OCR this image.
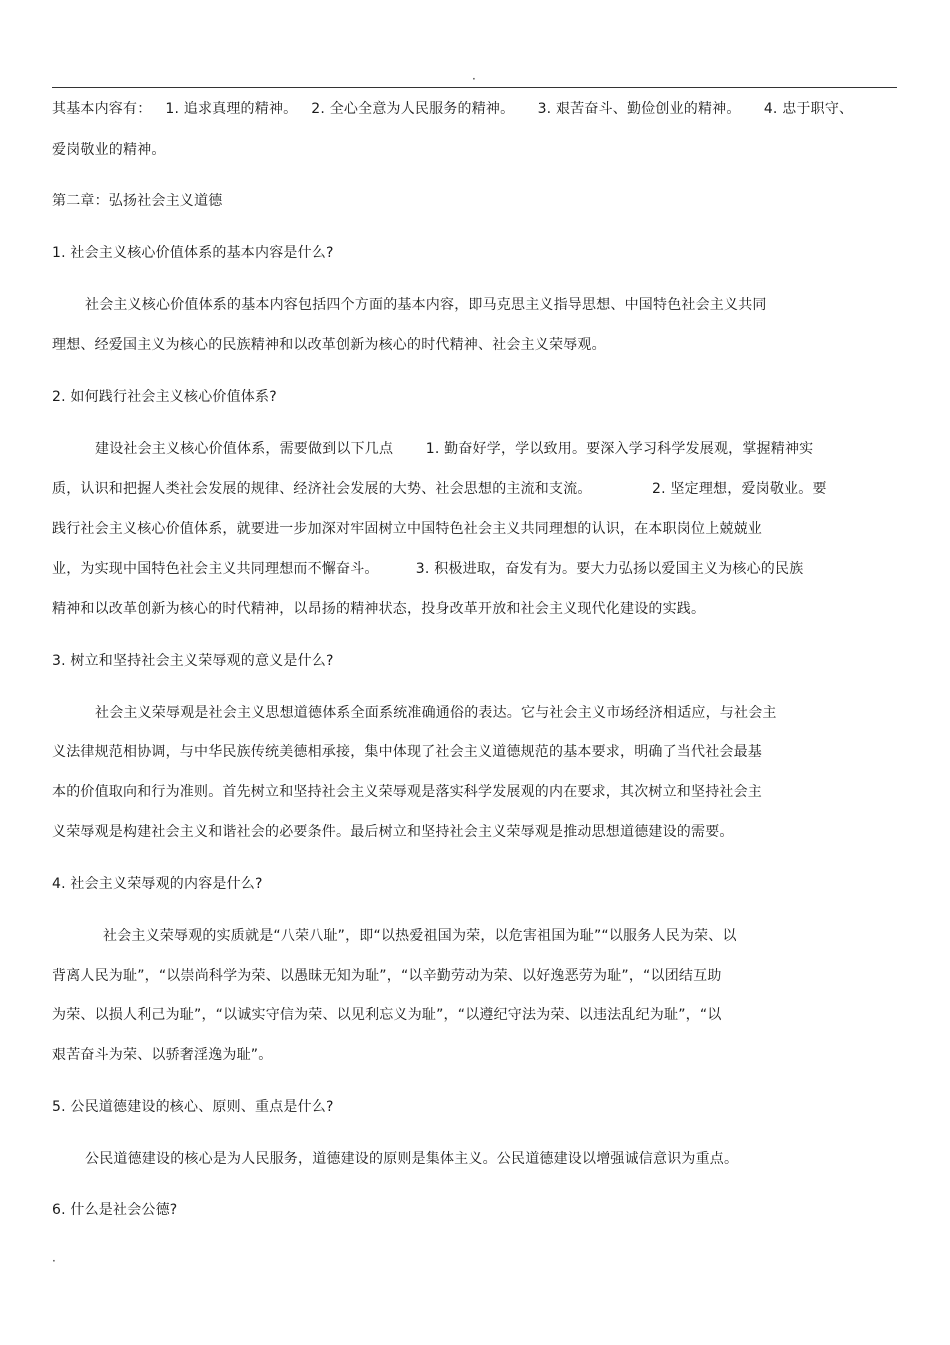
·
其基本内容有：   1. 追求真理的精神。   2. 全心全意为人民服务的精神。     3. 艰苦奋斗、勤俭创业的精神。     4. 忠于职守、
爱岗敬业的精神。
第二章：弘扬社会主义道德
1. 社会主义核心价值体系的基本内容是什么?
社会主义核心价值体系的基本内容包括四个方面的基本内容，即马克思主义指导思想、中国特色社会主义共同
理想、经爱国主义为核心的民族精神和以改革创新为核心的时代精神、社会主义荣辱观。
2. 如何践行社会主义核心价值体系?
建设社会主义核心价值体系，需要做到以下几点       1. 勤奋好学，学以致用。要深入学习科学发展观，掌握精神实
质，认识和把握人类社会发展的规律、经济社会发展的大势、社会思想的主流和支流。             2. 坚定理想，爱岗敬业。要
践行社会主义核心价值体系，就要进一步加深对牢固树立中国特色社会主义共同理想的认识，在本职岗位上兢兢业
业，为实现中国特色社会主义共同理想而不懈奋斗。        3. 积极进取，奋发有为。要大力弘扬以爱国主义为核心的民族
精神和以改革创新为核心的时代精神，以昂扬的精神状态，投身改革开放和社会主义现代化建设的实践。
3. 树立和坚持社会主义荣辱观的意义是什么?
社会主义荣辱观是社会主义思想道德体系全面系统准确通俗的表达。它与社会主义市场经济相适应，与社会主
义法律规范相协调，与中华民族传统美德相承接，集中体现了社会主义道德规范的基本要求，明确了当代社会最基
本的价值取向和行为准则。首先树立和坚持社会主义荣辱观是落实科学发展观的内在要求，其次树立和坚持社会主
义荣辱观是构建社会主义和谐社会的必要条件。最后树立和坚持社会主义荣辱观是推动思想道德建设的需要。
4. 社会主义荣辱观的内容是什么?
社会主义荣辱观的实质就是“八荣八耻”，即“以热爱祖国为荣，以危害祖国为耻”“以服务人民为荣、以
背离人民为耻”，“以崇尚科学为荣、以愚昧无知为耻”，“以辛勤劳动为荣、以好逸恶劳为耻”，“以团结互助
为荣、以损人利己为耻”，“以诚实守信为荣、以见利忘义为耻”，“以遵纪守法为荣、以违法乱纪为耻”，“以
艰苦奋斗为荣、以骄奢淫逸为耻”。
5. 公民道德建设的核心、原则、重点是什么?
公民道德建设的核心是为人民服务，道德建设的原则是集体主义。公民道德建设以增强诚信意识为重点。
6. 什么是社会公德?
·
